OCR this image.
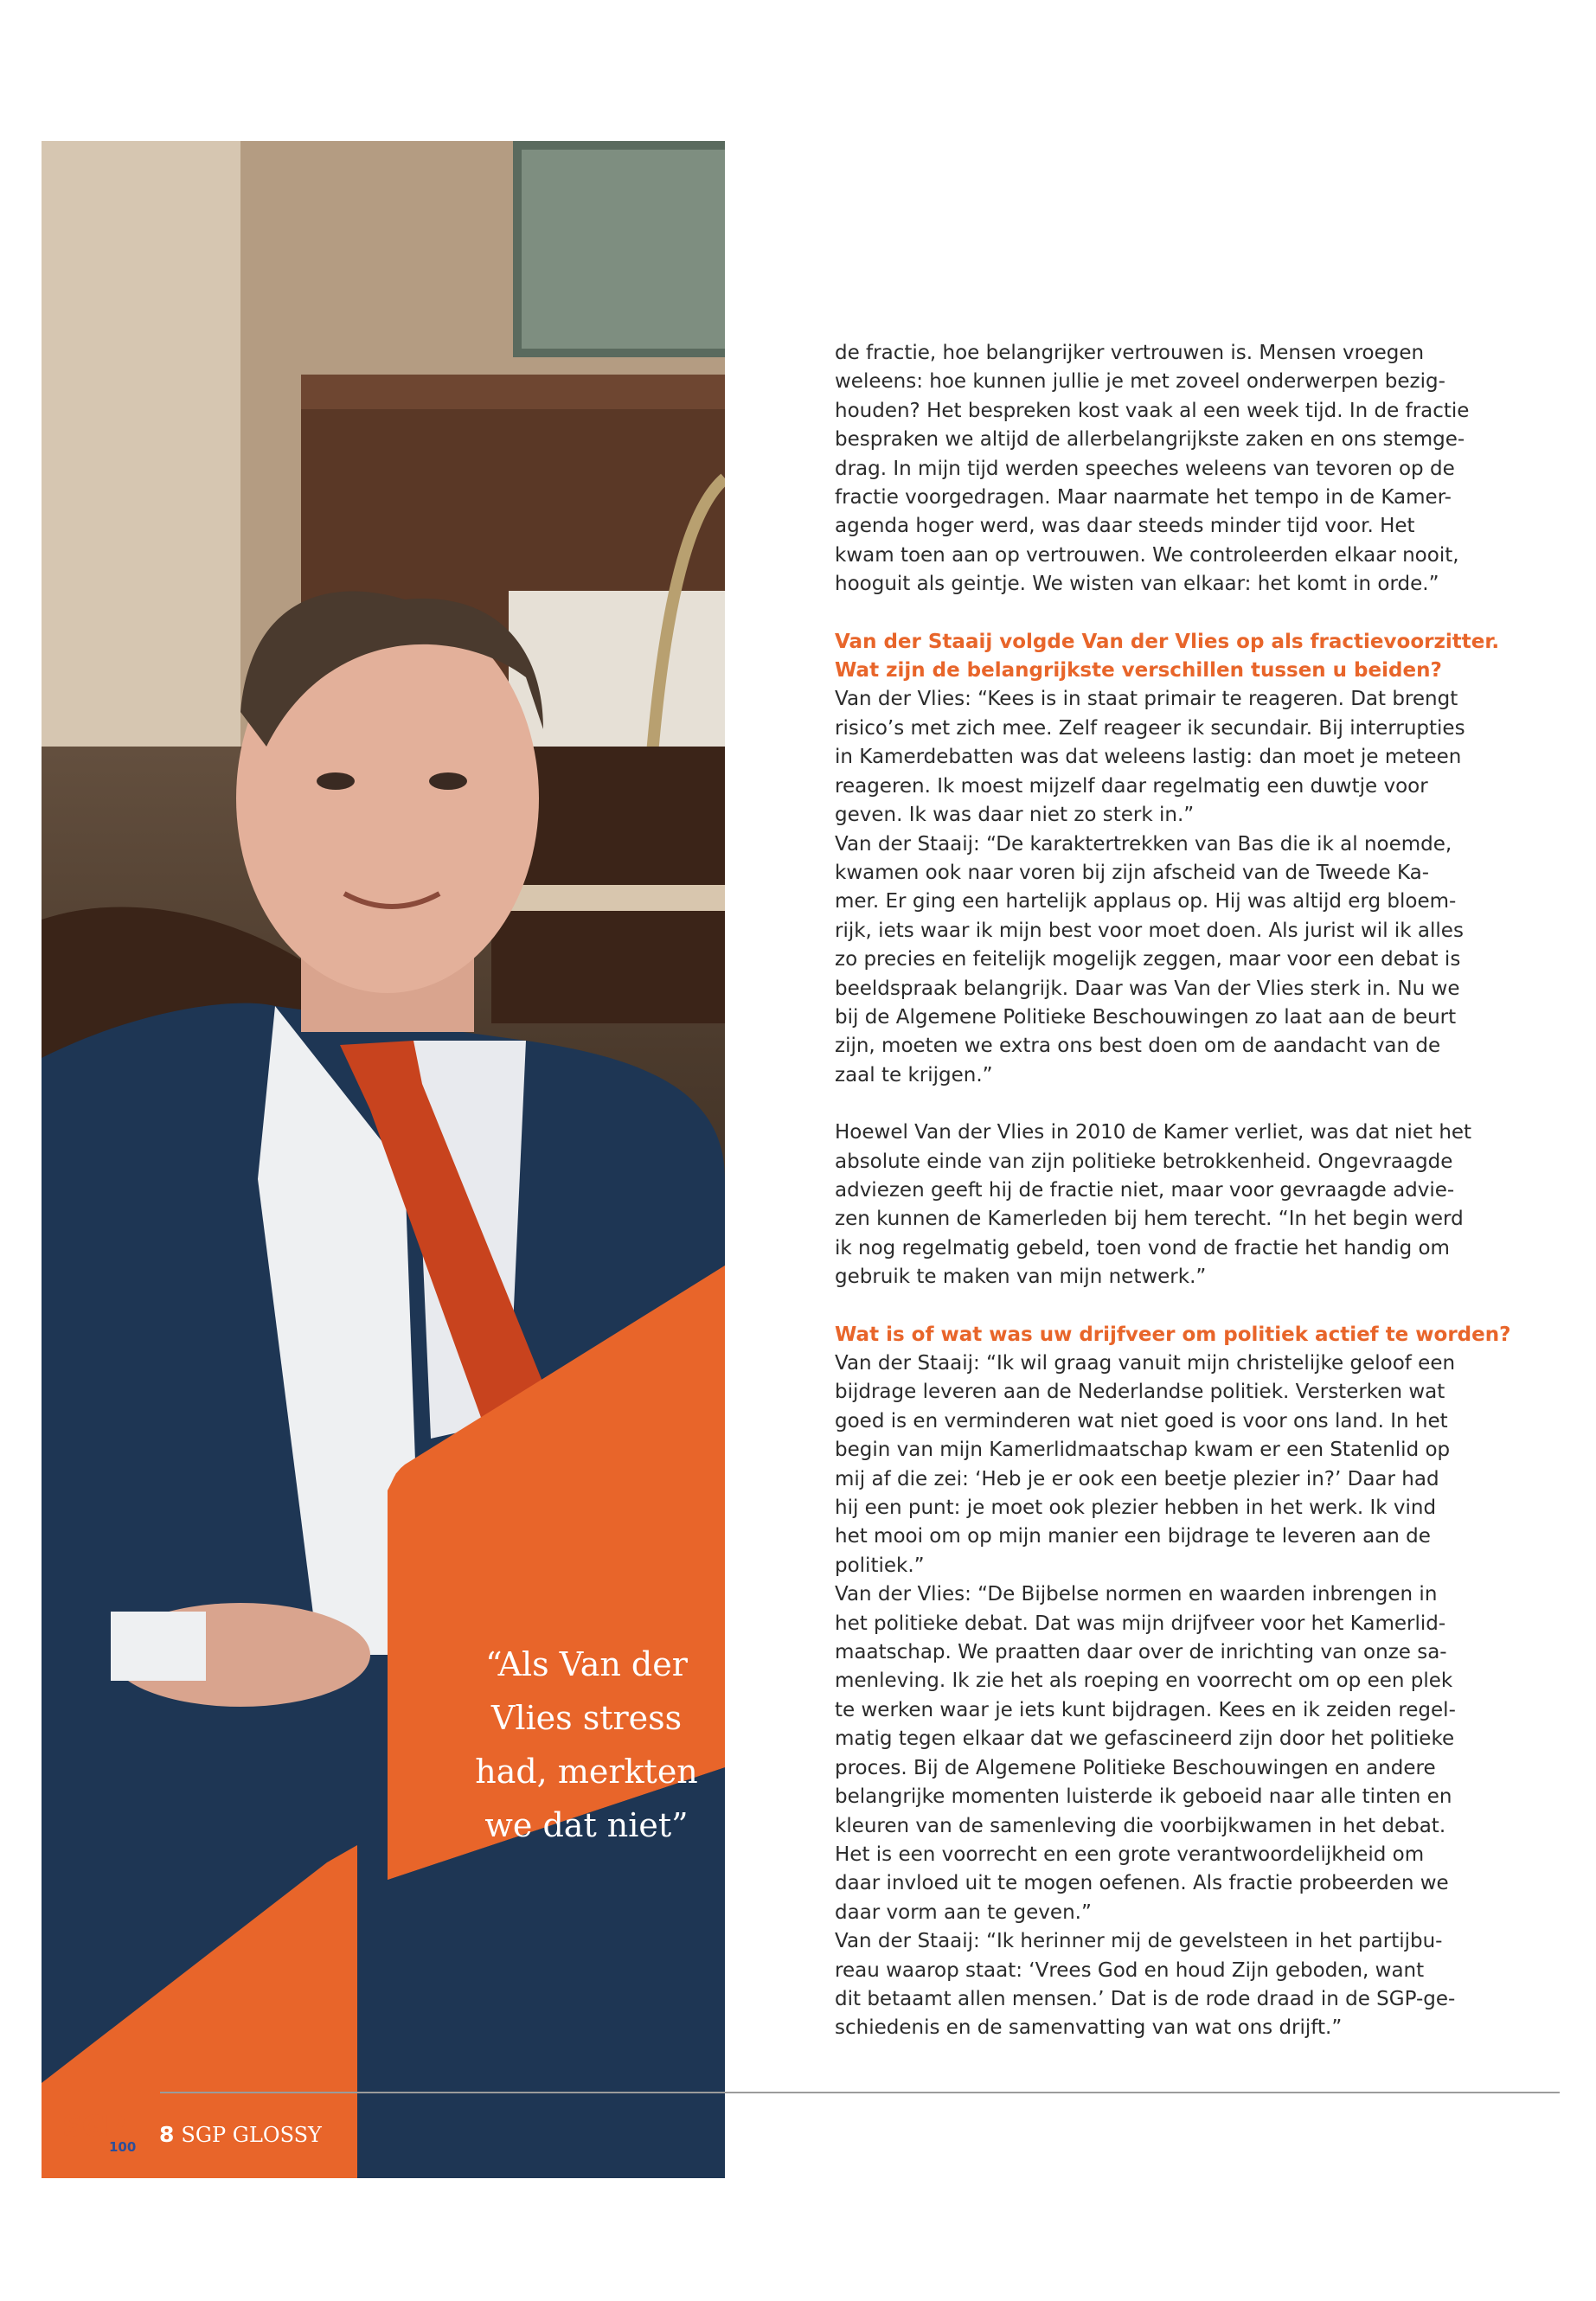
“Als Van der
Vlies stress
had, merkten
we dat niet”

de fractie, hoe belangrijker vertrouwen is. Mensen vroegen
weleens: hoe kunnen jullie je met zoveel onderwerpen bezig-
houden? Het bespreken kost vaak al een week tijd. In de fractie
bespraken we altijd de allerbelangrijkste zaken en ons stemge-
drag. In mijn tijd werden speeches weleens van tevoren op de
fractie voorgedragen. Maar naarmate het tempo in de Kamer-
agenda hoger werd, was daar steeds minder tijd voor. Het
kwam toen aan op vertrouwen. We controleerden elkaar nooit,
hooguit als geintje. We wisten van elkaar: het komt in orde.”

Van der Staaij volgde Van der Vlies op als fractievoorzitter.
Wat zijn de belangrijkste verschillen tussen u beiden?

Van der Vlies: “Kees is in staat primair te reageren. Dat brengt
risico’s met zich mee. Zelf reageer ik secundair. Bij interrupties
in Kamerdebatten was dat weleens lastig: dan moet je meteen
reageren. Ik moest mijzelf daar regelmatig een duwtje voor
geven. Ik was daar niet zo sterk in.”
Van der Staaij: “De karaktertrekken van Bas die ik al noemde,
kwamen ook naar voren bij zijn afscheid van de Tweede Ka-
mer. Er ging een hartelijk applaus op. Hij was altijd erg bloem-
rijk, iets waar ik mijn best voor moet doen. Als jurist wil ik alles
zo precies en feitelijk mogelijk zeggen, maar voor een debat is
beeldspraak belangrijk. Daar was Van der Vlies sterk in. Nu we
bij de Algemene Politieke Beschouwingen zo laat aan de beurt
zijn, moeten we extra ons best doen om de aandacht van de
zaal te krijgen.”

Hoewel Van der Vlies in 2010 de Kamer verliet, was dat niet het
absolute einde van zijn politieke betrokkenheid. Ongevraagde
adviezen geeft hij de fractie niet, maar voor gevraagde advie-
zen kunnen de Kamerleden bij hem terecht. “In het begin werd
ik nog regelmatig gebeld, toen vond de fractie het handig om
gebruik te maken van mijn netwerk.”

Wat is of wat was uw drijfveer om politiek actief te worden?

Van der Staaij: “Ik wil graag vanuit mijn christelijke geloof een
bijdrage leveren aan de Nederlandse politiek. Versterken wat
goed is en verminderen wat niet goed is voor ons land. In het
begin van mijn Kamerlidmaatschap kwam er een Statenlid op
mij af die zei: ‘Heb je er ook een beetje plezier in?’ Daar had
hij een punt: je moet ook plezier hebben in het werk. Ik vind
het mooi om op mijn manier een bijdrage te leveren aan de
politiek.”
Van der Vlies: “De Bijbelse normen en waarden inbrengen in
het politieke debat. Dat was mijn drijfveer voor het Kamerlid-
maatschap. We praatten daar over de inrichting van onze sa-
menleving. Ik zie het als roeping en voorrecht om op een plek
te werken waar je iets kunt bijdragen. Kees en ik zeiden regel-
matig tegen elkaar dat we gefascineerd zijn door het politieke
proces. Bij de Algemene Politieke Beschouwingen en andere
belangrijke momenten luisterde ik geboeid naar alle tinten en
kleuren van de samenleving die voorbijkwamen in het debat.
Het is een voorrecht en een grote verantwoordelijkheid om
daar invloed uit te mogen oefenen. Als fractie probeerden we
daar vorm aan te geven.”
Van der Staaij: “Ik herinner mij de gevelsteen in het partijbu-
reau waarop staat: ‘Vrees God en houd Zijn geboden, want
dit betaamt allen mensen.’ Dat is de rode draad in de SGP-ge-
schiedenis en de samenvatting van wat ons drijft.”

SGP
100 8 SGP GLOSSY
